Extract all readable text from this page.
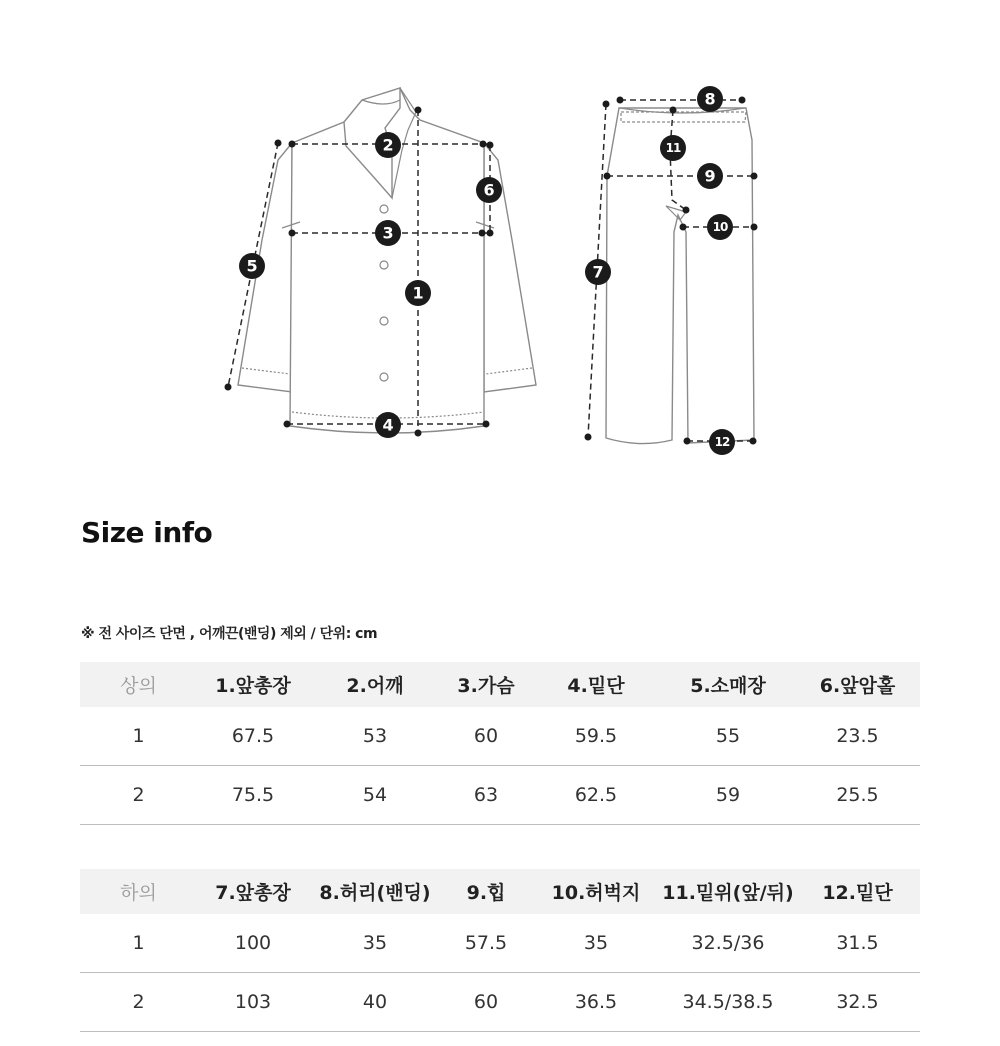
1
2
3
4
5
6
7
8
9
10
11
12
Size info
※ 전 사이즈 단면 , 어깨끈(밴딩) 제외 / 단위: cm
상의	1.앞총장	2.어깨	3.가슴	4.밑단	5.소매장	6.앞암홀
1	67.5	53	60	59.5	55	23.5
2	75.5	54	63	62.5	59	25.5
하의	7.앞총장	8.허리(밴딩)	9.힙	10.허벅지	11.밑위(앞/뒤)	12.밑단
1	100	35	57.5	35	32.5/36	31.5
2	103	40	60	36.5	34.5/38.5	32.5
